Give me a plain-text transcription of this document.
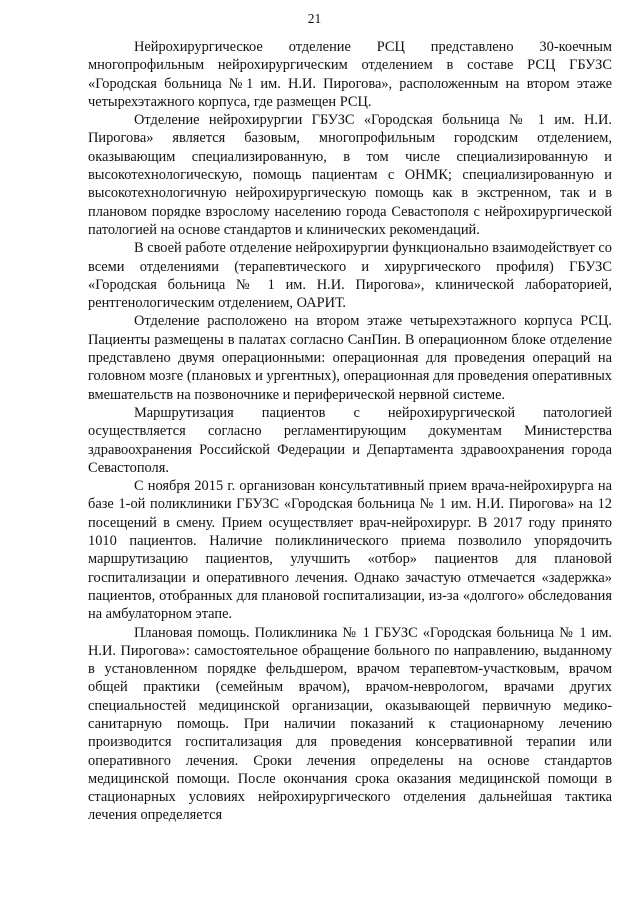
21

Нейрохирургическое отделение РСЦ представлено 30-коечным многопрофильным нейрохирургическим отделением в составе РСЦ ГБУЗС «Городская больница №1 им. Н.И. Пирогова», расположенным на втором этаже четырехэтажного корпуса, где размещен РСЦ.

Отделение нейрохирургии ГБУЗС «Городская больница № 1 им. Н.И. Пирогова» является базовым, многопрофильным городским отделением, оказывающим специализированную, в том числе специализированную и высокотехнологическую, помощь пациентам с ОНМК; специализированную и высокотехнологичную нейрохирургическую помощь как в экстренном, так и в плановом порядке взрослому населению города Севастополя с нейрохирургической патологией на основе стандартов и клинических рекомендаций.

В своей работе отделение нейрохирургии функционально взаимодействует со всеми отделениями (терапевтического и хирургического профиля) ГБУЗС «Городская больница № 1 им. Н.И. Пирогова», клинической лабораторией, рентгенологическим отделением, ОАРИТ.

Отделение расположено на втором этаже четырехэтажного корпуса РСЦ. Пациенты размещены в палатах согласно СанПин. В операционном блоке отделение представлено двумя операционными: операционная для проведения операций на головном мозге (плановых и ургентных), операционная для проведения оперативных вмешательств на позвоночнике и периферической нервной системе.

Маршрутизация пациентов с нейрохирургической патологией осуществляется согласно регламентирующим документам Министерства здравоохранения Российской Федерации и Департамента здравоохранения города Севастополя.

С ноября 2015 г. организован консультативный прием врача-нейрохирурга на базе 1-ой поликлиники ГБУЗС «Городская больница № 1 им. Н.И. Пирогова» на 12 посещений в смену. Прием осуществляет врач-нейрохирург. В 2017 году принято 1010 пациентов. Наличие поликлинического приема позволило упорядочить маршрутизацию пациентов, улучшить «отбор» пациентов для плановой госпитализации и оперативного лечения. Однако зачастую отмечается «задержка» пациентов, отобранных для плановой госпитализации, из-за «долгого» обследования на амбулаторном этапе.

Плановая помощь. Поликлиника № 1 ГБУЗС «Городская больница № 1 им. Н.И. Пирогова»: самостоятельное обращение больного по направлению, выданному в установленном порядке фельдшером, врачом терапевтом-участковым, врачом общей практики (семейным врачом), врачом-неврологом, врачами других специальностей медицинской организации, оказывающей первичную медико-санитарную помощь. При наличии показаний к стационарному лечению производится госпитализация для проведения консервативной терапии или оперативного лечения. Сроки лечения определены на основе стандартов медицинской помощи. После окончания срока оказания медицинской помощи в стационарных условиях нейрохирургического отделения дальнейшая тактика лечения определяется
